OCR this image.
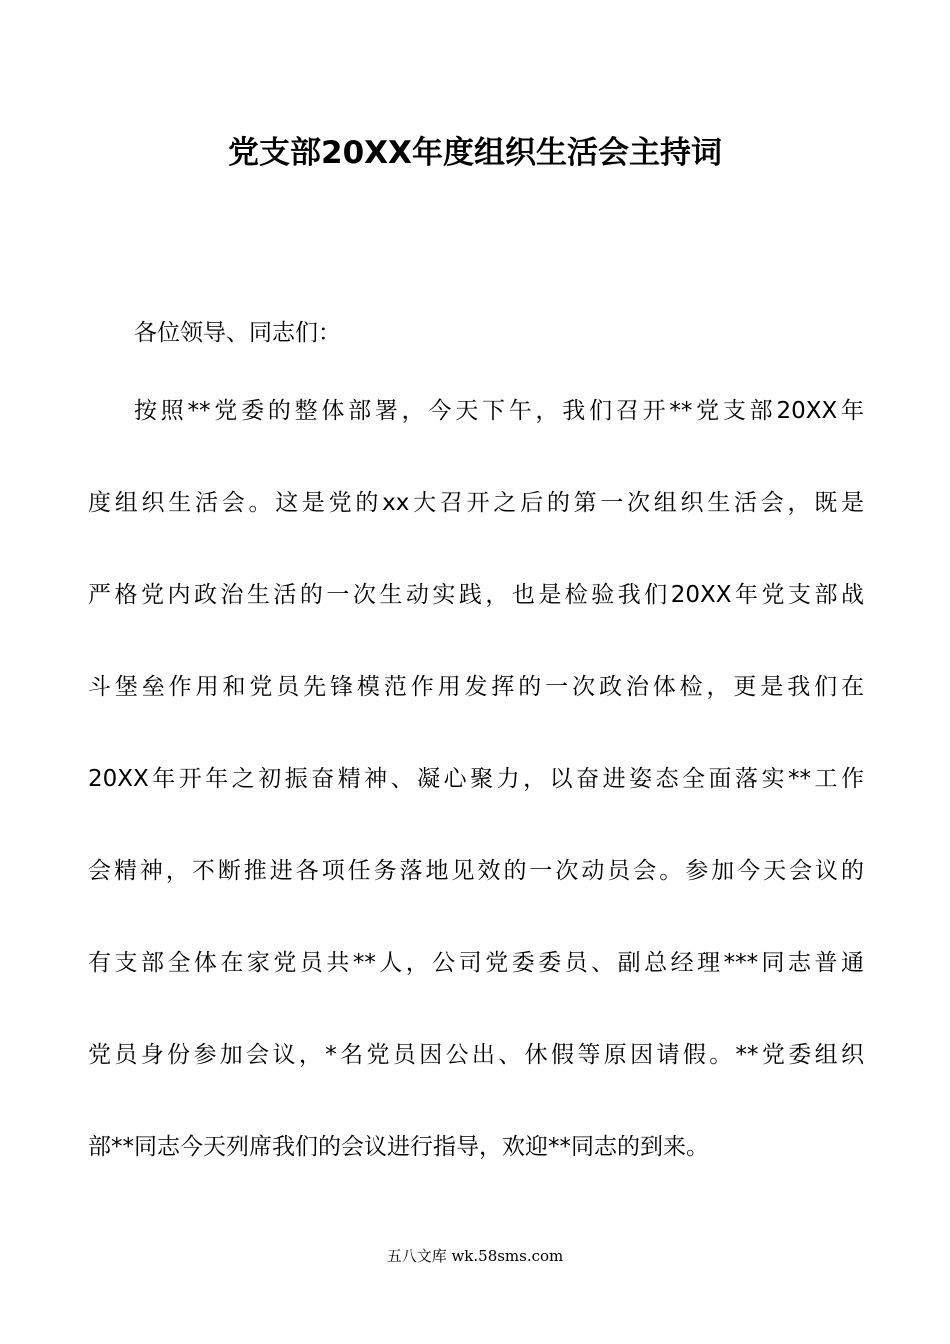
党支部20XX年度组织生活会主持词

各位领导、同志们：

按照**党委的整体部署，今天下午，我们召开**党支部20XX年
度组织生活会。这是党的xx大召开之后的第一次组织生活会，既是
严格党内政治生活的一次生动实践，也是检验我们20XX年党支部战
斗堡垒作用和党员先锋模范作用发挥的一次政治体检，更是我们在
20XX年开年之初振奋精神、凝心聚力，以奋进姿态全面落实**工作
会精神，不断推进各项任务落地见效的一次动员会。参加今天会议的
有支部全体在家党员共**人，公司党委委员、副总经理***同志普通
党员身份参加会议，*名党员因公出、休假等原因请假。**党委组织
部**同志今天列席我们的会议进行指导，欢迎**同志的到来。

五八文库 wk.58sms.com
